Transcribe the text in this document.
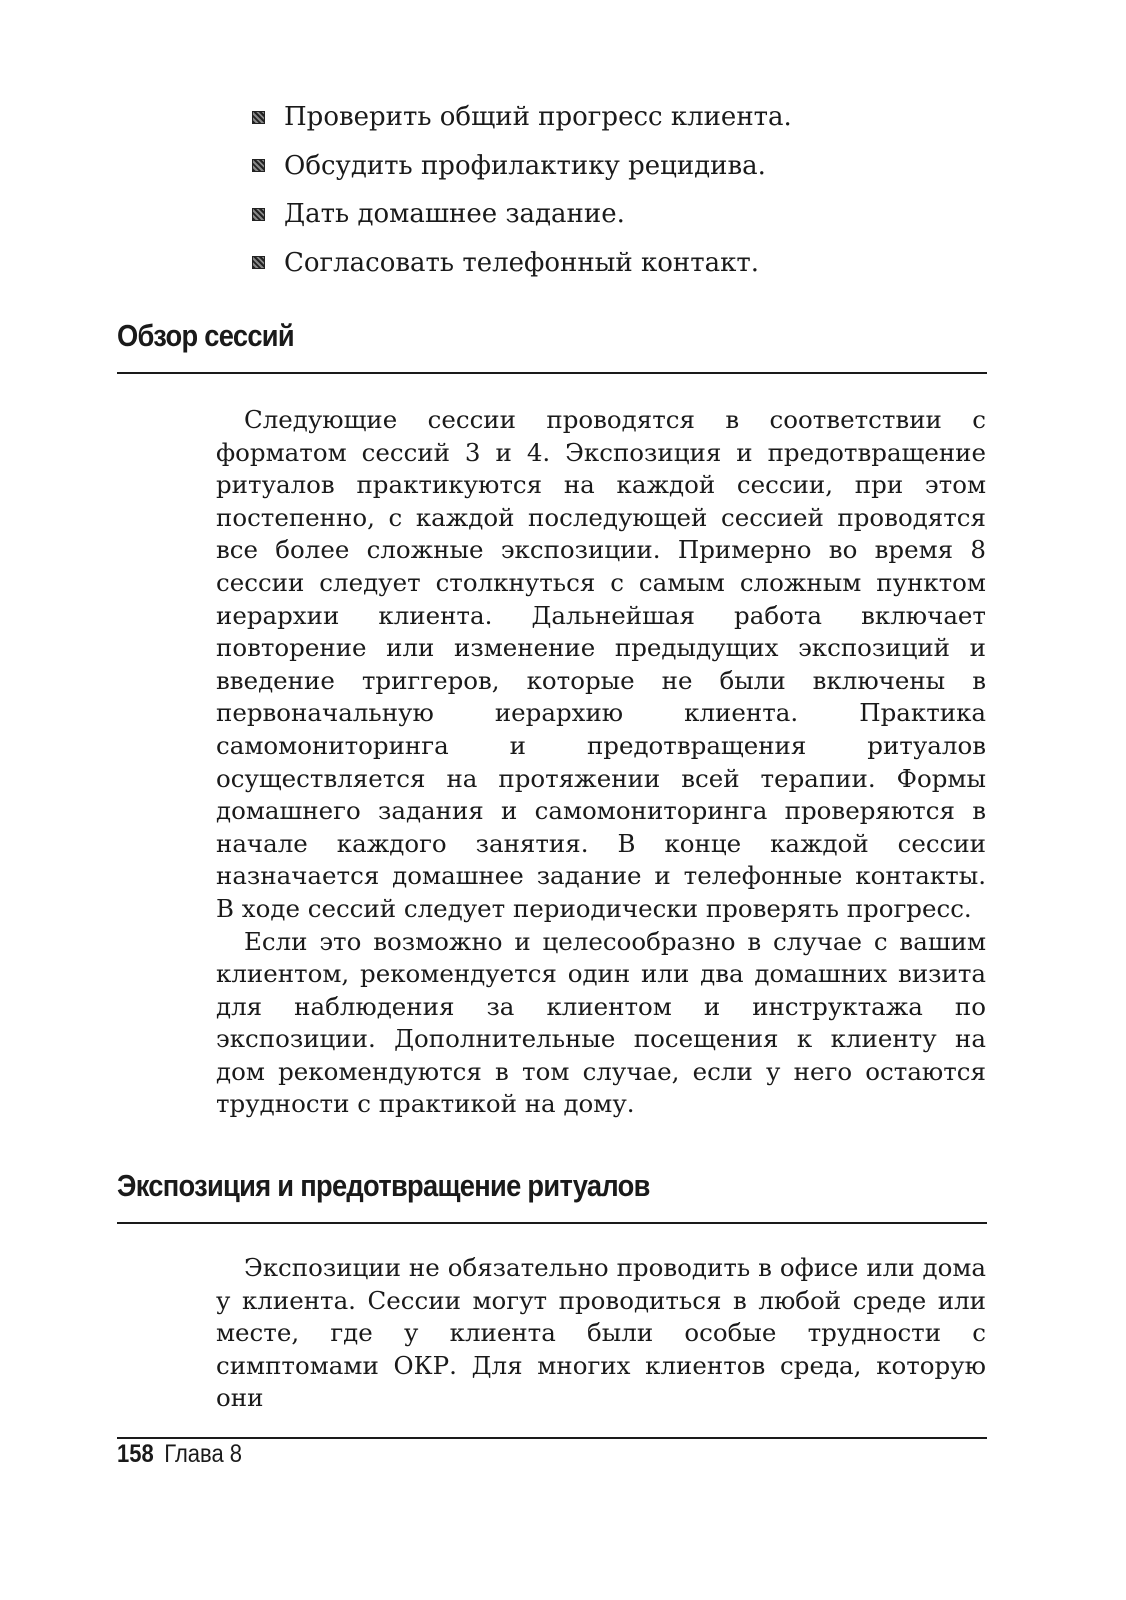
Проверить общий прогресс клиента.
Обсудить профилактику рецидива.
Дать домашнее задание.
Согласовать телефонный контакт.
Обзор сессий

Следующие сессии проводятся в соответствии с форматом сессий 3 и 4. Экспозиция и предотвращение ритуалов практикуются на каждой сессии, при этом постепенно, с каждой последующей сессией проводятся все более сложные экспозиции. Примерно во время 8 сессии следует столкнуться с самым сложным пунктом иерархии клиента. Дальнейшая работа включает повторение или изменение предыдущих экспозиций и введение триггеров, которые не были включены в первоначальную иерархию клиента. Практика самомониторинга и предотвращения ритуалов осуществляется на протяжении всей терапии. Формы домашнего задания и самомониторинга проверяются в начале каждого занятия. В конце каждой сессии назначается домашнее задание и телефонные контакты. В ходе сессий следует периодически проверять прогресс.

Если это возможно и целесообразно в случае с вашим клиентом, рекомендуется один или два домашних визита для наблюдения за клиентом и инструктажа по экспозиции. Дополнительные посещения к клиенту на дом рекомендуются в том случае, если у него остаются трудности с практикой на дому.

Экспозиция и предотвращение ритуалов

Экспозиции не обязательно проводить в офисе или дома у клиента. Сессии могут проводиться в любой среде или месте, где у клиента были особые трудности с симптомами ОКР. Для многих клиентов среда, которую они

158 Глава 8
